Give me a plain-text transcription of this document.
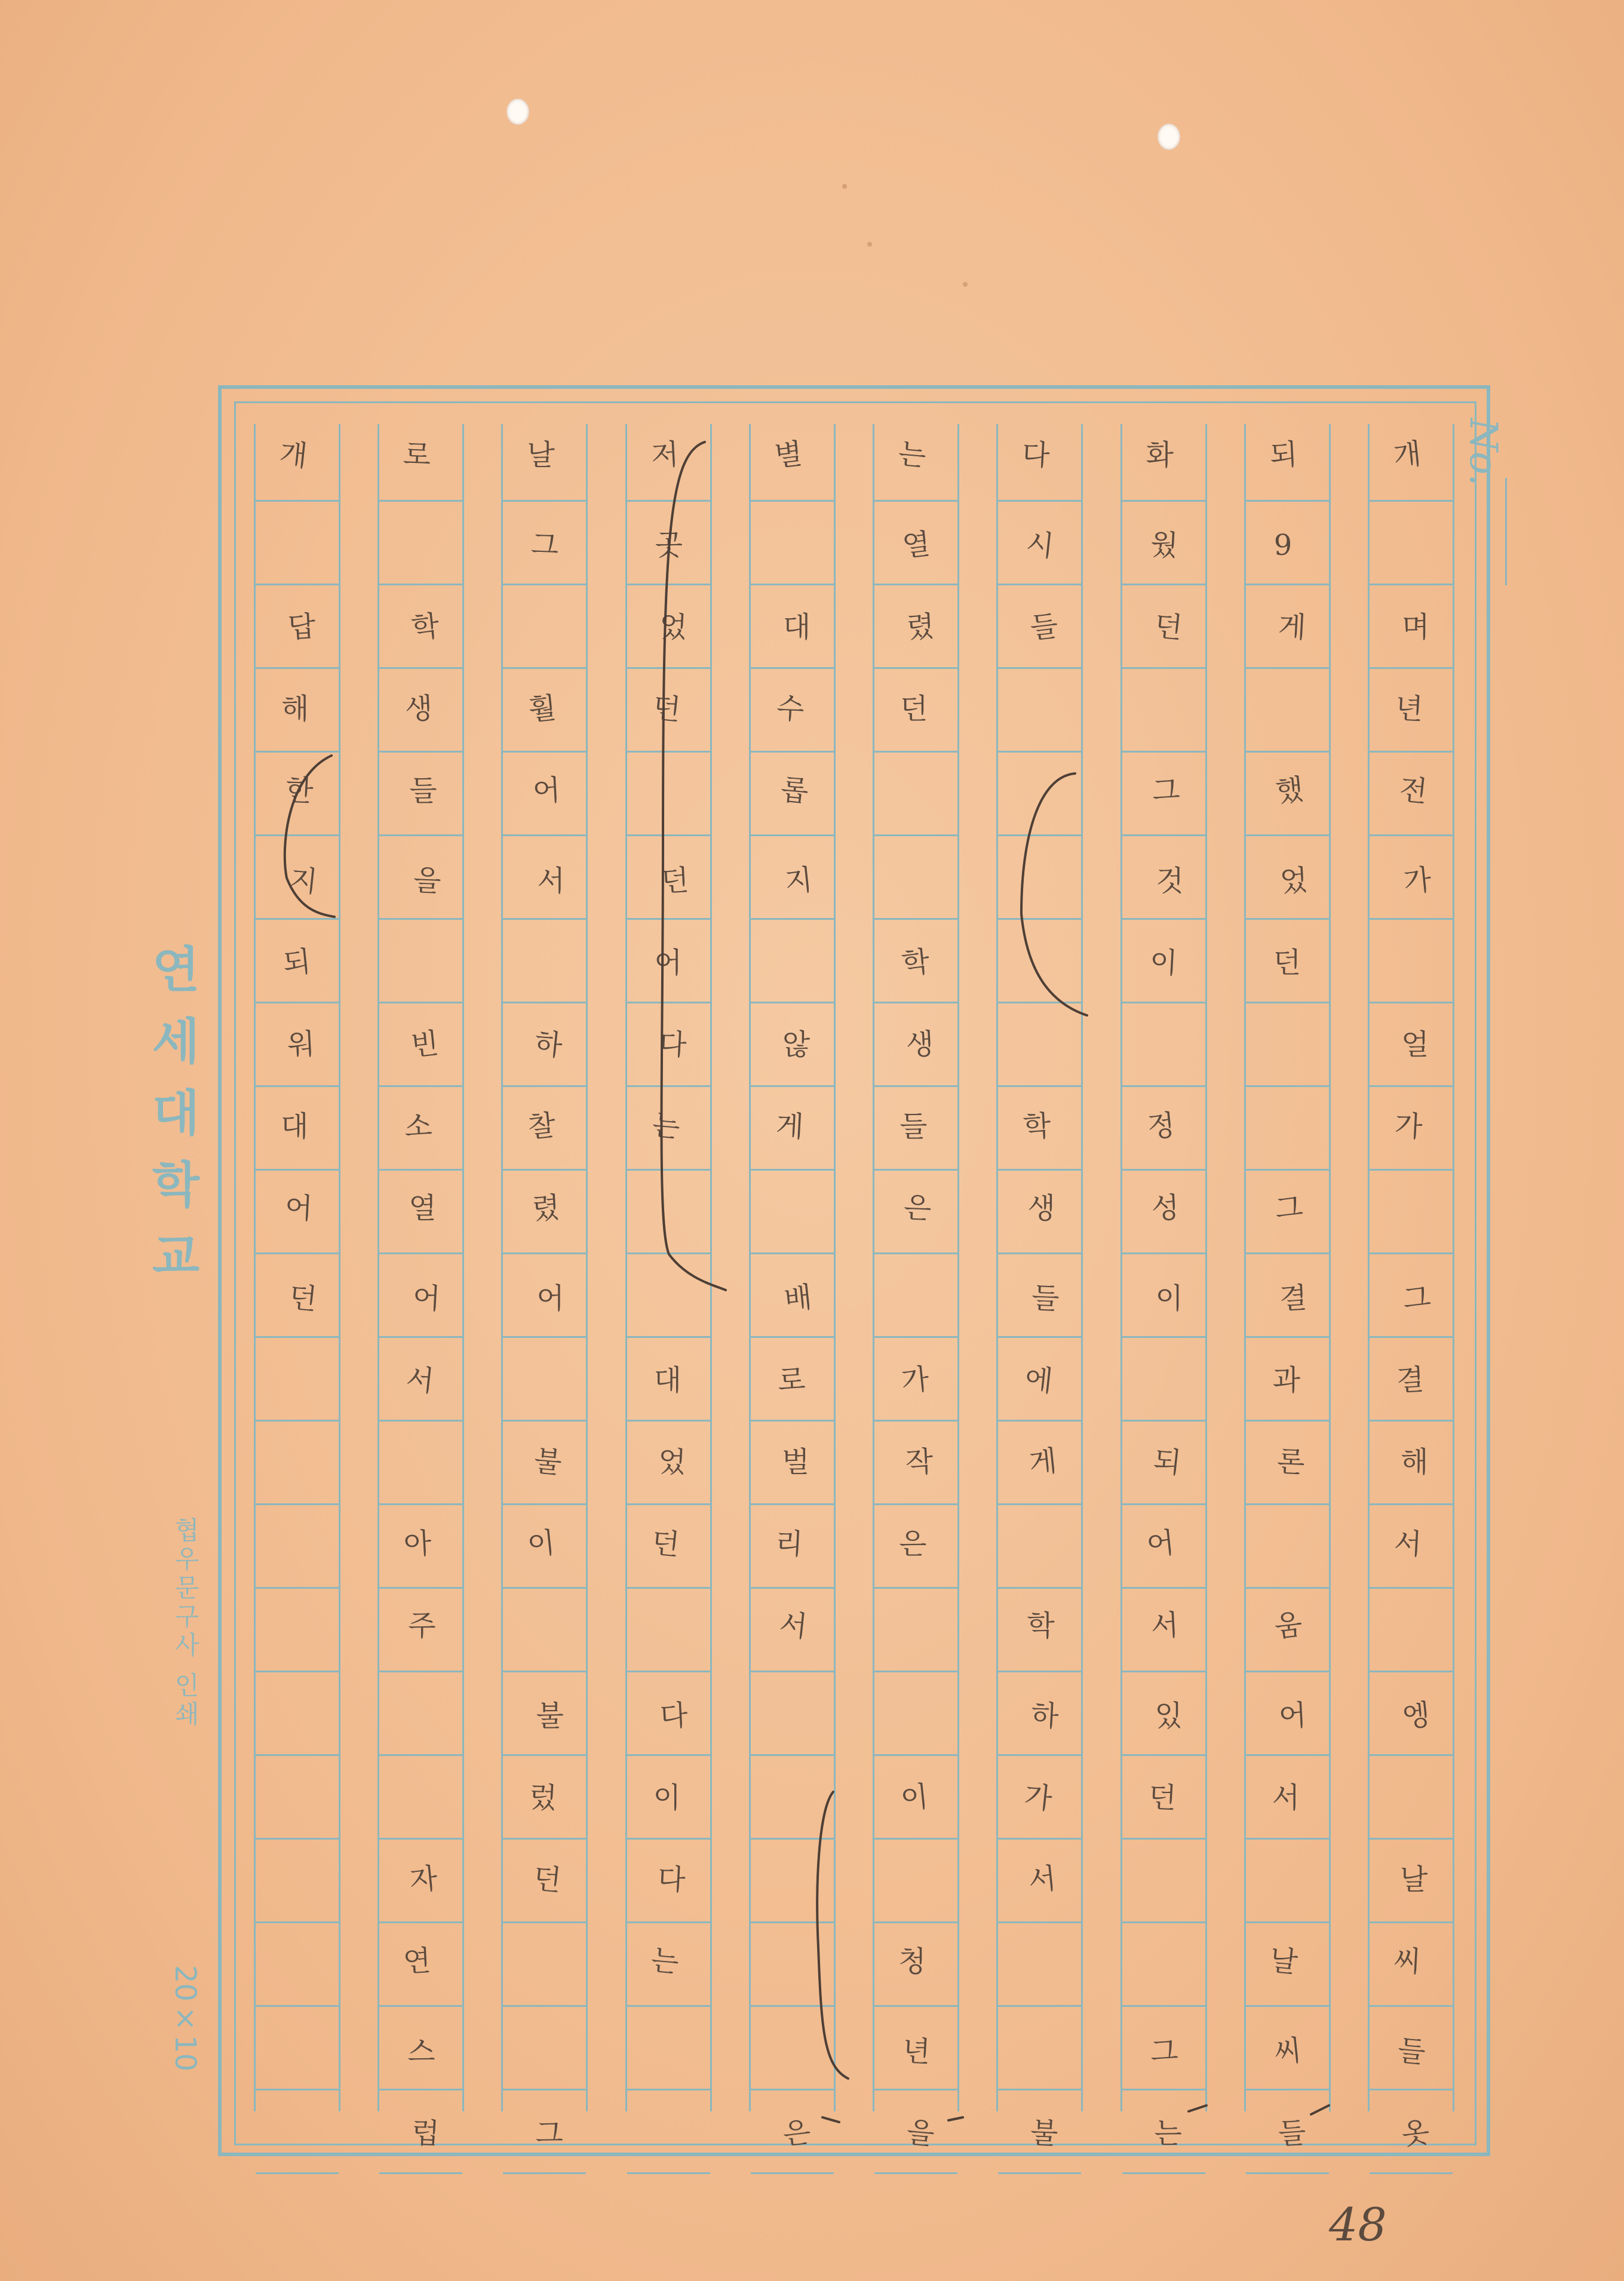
개
며
년
전
가
얼
가
그
결
해
서
엥
날
씨
들
옷
되
9
게
했
었
던
그
결
과
론
움
어
서
날
씨
들
화
웠
던
그
것
이
정
성
이
되
어
서
있
던
그
는
다
시
들
학
생
들
에
게
학
하
가
서
불
는
열
렸
던
학
생
들
은
가
작
은
이
청
년
을
별
대
수
롭
지
않
게
배
로
벌
리
서
은
저
곳
었
던
던
어
다
는
대
었
던
다
이
다
는
날
그
훨
어
서
하
찰
렸
어
불
이
불
렀
던
그
로
학
생
들
을
빈
소
열
어
서
아
주
자
연
스
럽
개
답
해
한
지
되
워
대
어
던
No.
연세대학교
협우문구사 인쇄
20×10
48
